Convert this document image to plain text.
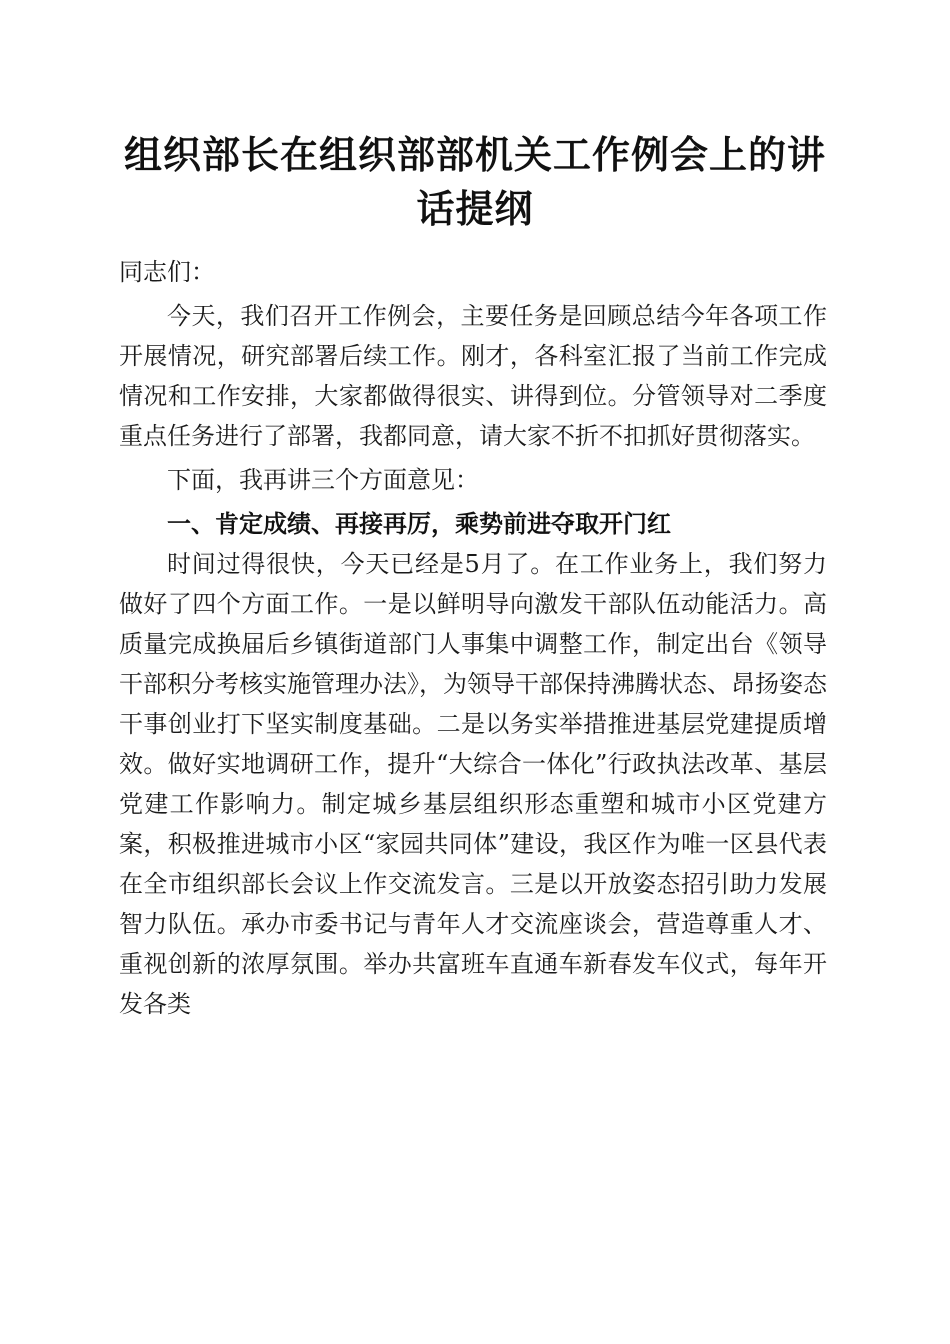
组织部长在组织部部机关工作例会上的讲话提纲

同志们：

今天，我们召开工作例会，主要任务是回顾总结今年各项工作开展情况，研究部署后续工作。刚才，各科室汇报了当前工作完成情况和工作安排，大家都做得很实、讲得到位。分管领导对二季度重点任务进行了部署，我都同意，请大家不折不扣抓好贯彻落实。

下面，我再讲三个方面意见：

一、肯定成绩、再接再厉，乘势前进夺取开门红

时间过得很快，今天已经是5月了。在工作业务上，我们努力做好了四个方面工作。一是以鲜明导向激发干部队伍动能活力。高质量完成换届后乡镇街道部门人事集中调整工作，制定出台《领导干部积分考核实施管理办法》，为领导干部保持沸腾状态、昂扬姿态干事创业打下坚实制度基础。二是以务实举措推进基层党建提质增效。做好实地调研工作，提升“大综合一体化”行政执法改革、基层党建工作影响力。制定城乡基层组织形态重塑和城市小区党建方案，积极推进城市小区“家园共同体”建设，我区作为唯一区县代表在全市组织部长会议上作交流发言。三是以开放姿态招引助力发展智力队伍。承办市委书记与青年人才交流座谈会，营造尊重人才、重视创新的浓厚氛围。举办共富班车直通车新春发车仪式，每年开发各类
